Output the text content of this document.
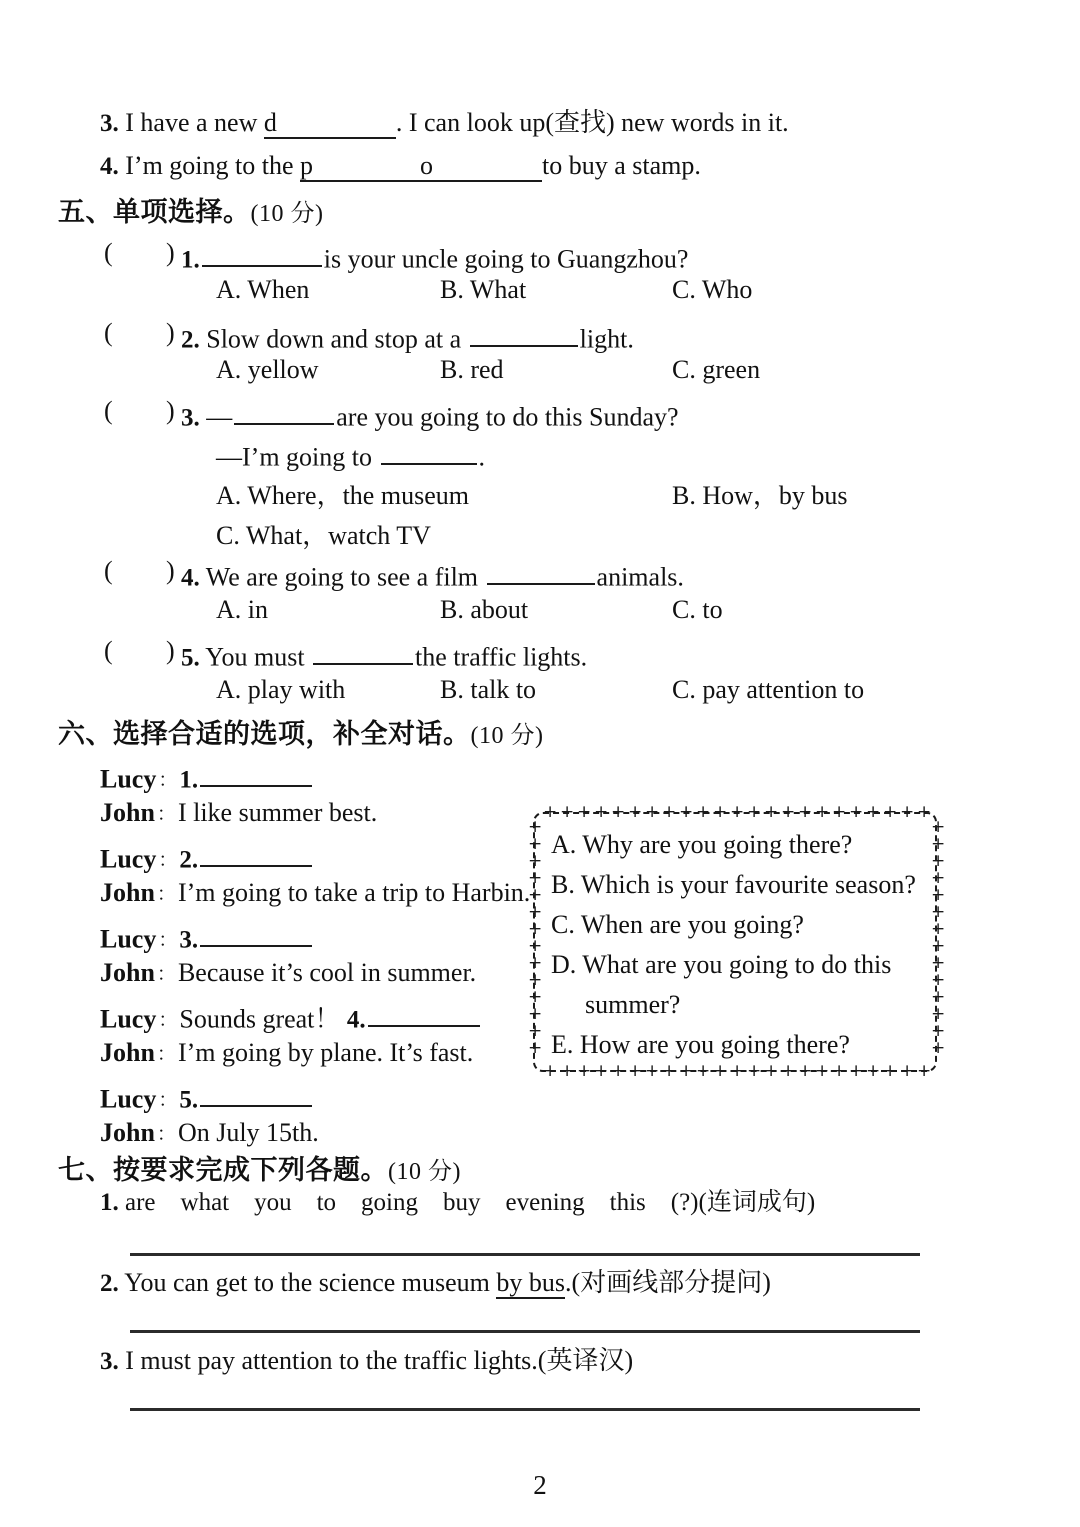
3. I have a new d	. I can look up(查找) new words in it.
4. I’m going to the p	o	to buy a stamp.
五、单项选择。(10 分)
( ) 1.	is your uncle going to Guangzhou?
A. When	B. What	C. Who
( ) 2. Slow down and stop at a	light.
A. yellow	B. red	C. green
( ) 3. —	are you going to do this Sunday?
—I’m going to	.
A. Where，the museum	B. How，by bus
C. What，watch TV
( ) 4. We are going to see a film	animals.
A. in	B. about	C. to
( ) 5. You must	the traffic lights.
A. play with	B. talk to	C. pay attention to
六、选择合适的选项，补全对话。(10 分)
Lucy ：1.
John ：I like summer best.
Lucy ：2.
John ：I’m going to take a trip to Harbin.
Lucy ：3.
John ：Because it’s cool in summer.
Lucy ：Sounds great！ 4.
John ：I’m going by plane. It’s fast.
Lucy ：5.
John ：On July 15th.
+
+
+
+
+
+
+
+
+
+
+
+
+
+
+
+
+
+
+
+
+
+
+
+
+
+
+
+
+
+
+
+
+
+
+
+
+
+
+
+
+
+
+
+
+
+
+	+
+	+
+	+
+	+
+	+
+	+
+	+
+	+
+	+
+	+
+	+
+	+
+	+
+	+
A. Why are you going there?
B. Which is your favourite season?
C. When are you going?
D. What are you going to do this
summer?
E. How are you going there?
七、按要求完成下列各题。(10 分)
1. are　what　you　to　going　buy　evening　this　(?)(连词成句)
2. You can get to the science museum by bus.(对画线部分提问)
3. I must pay attention to the traffic lights.(英译汉)
2
